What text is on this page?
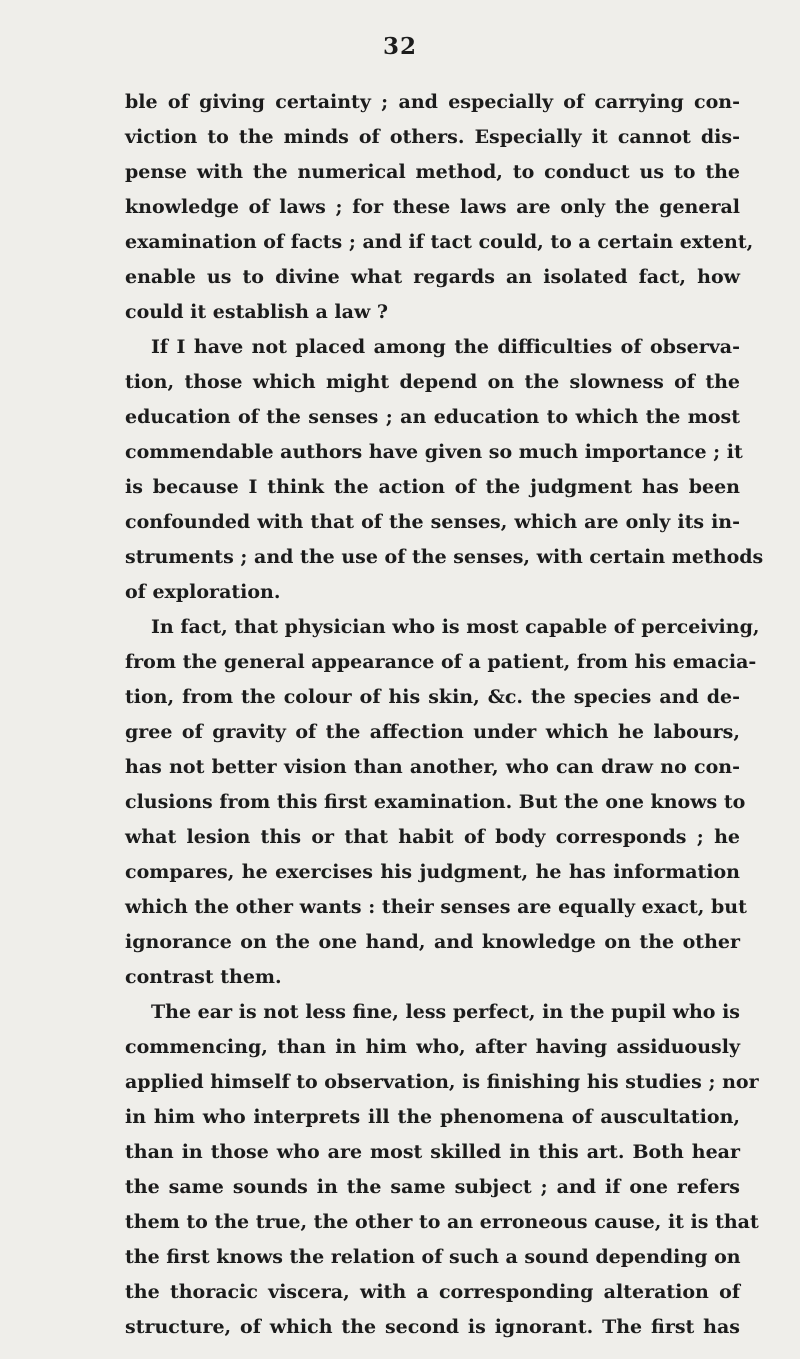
32
ble of giving certainty ; and especially of carrying con-
viction to the minds of others. Especially it cannot dis-
pense with the numerical method, to conduct us to the
knowledge of laws ; for these laws are only the general
examination of facts ; and if tact could, to a certain extent,
enable us to divine what regards an isolated fact, how
could it establish a law ?
If I have not placed among the difficulties of observa-
tion, those which might depend on the slowness of the
education of the senses ; an education to which the most
commendable authors have given so much importance ; it
is because I think the action of the judgment has been
confounded with that of the senses, which are only its in-
struments ; and the use of the senses, with certain methods
of exploration.
In fact, that physician who is most capable of perceiving,
from the general appearance of a patient, from his emacia-
tion, from the colour of his skin, &c. the species and de-
gree of gravity of the affection under which he labours,
has not better vision than another, who can draw no con-
clusions from this first examination. But the one knows to
what lesion this or that habit of body corresponds ; he
compares, he exercises his judgment, he has information
which the other wants : their senses are equally exact, but
ignorance on the one hand, and knowledge on the other
contrast them.
The ear is not less fine, less perfect, in the pupil who is
commencing, than in him who, after having assiduously
applied himself to observation, is finishing his studies ; nor
in him who interprets ill the phenomena of auscultation,
than in those who are most skilled in this art. Both hear
the same sounds in the same subject ; and if one refers
them to the true, the other to an erroneous cause, it is that
the first knows the relation of such a sound depending on
the thoracic viscera, with a corresponding alteration of
structure, of which the second is ignorant. The first has
